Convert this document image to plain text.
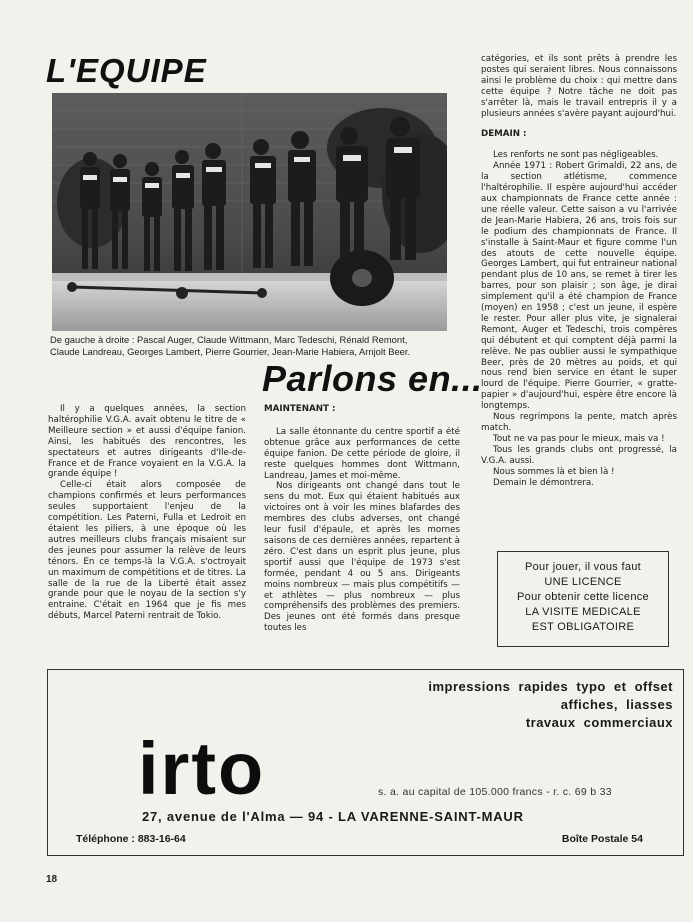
L'EQUIPE

De gauche à droite : Pascal Auger, Claude Wittmann, Marc Tedeschi, Rénald Remont,

Claude Landreau, Georges Lambert, Pierre Gourrier, Jean-Marie Habiera, Arnjolt Beer.

Parlons en...

Il y a quelques années, la section haltérophilie V.G.A. avait obtenu le titre de « Meilleure section » et aussi d'équipe fanion. Ainsi, les habitués des rencontres, les spectateurs et autres dirigeants d'Ile-de-France et de France voyaient en la V.G.A. la grande équipe !

Celle-ci était alors composée de champions confirmés et leurs performances seules supportaient l'enjeu de la compétition. Les Paterni, Fulla et Ledroit en étaient les piliers, à une époque où les autres meilleurs clubs français misaient sur des jeunes pour assumer la relève de leurs ténors. En ce temps-là la V.G.A. s'octroyait un maximum de compétitions et de titres. La salle de la rue de la Liberté était assez grande pour que le noyau de la section s'y entraine. C'était en 1964 que je fis mes débuts, Marcel Paterni rentrait de Tokio.

MAINTENANT :

La salle étonnante du centre sportif a été obtenue grâce aux performances de cette équipe fanion. De cette période de gloire, il reste quelques hommes dont Wittmann, Landreau, James et moi-même.

Nos dirigeants ont changé dans tout le sens du mot. Eux qui étaient habitués aux victoires ont à voir les mines blafardes des membres des clubs adverses, ont changé leur fusil d'épaule, et après les mornes saisons de ces dernières années, repartent à zéro. C'est dans un esprit plus jeune, plus sportif aussi que l'équipe de 1973 s'est formée, pendant 4 ou 5 ans. Dirigeants moins nombreux — mais plus compétitifs — et athlètes — plus nombreux — plus compréhensifs des problèmes des premiers. Des jeunes ont été formés dans presque toutes les

catégories, et ils sont prêts à prendre les postes qui seraient libres. Nous connaissons ainsi le problème du choix : qui mettre dans cette équipe ? Notre tâche ne doit pas s'arrêter là, mais le travail entrepris il y a plusieurs années s'avère payant aujourd'hui.

DEMAIN :

Les renforts ne sont pas négligeables.

Année 1971 : Robert Grimaldi, 22 ans, de la section atlétisme, commence l'haltérophilie. Il espère aujourd'hui accéder aux championnats de France cette année : une réelle valeur. Cette saison a vu l'arrivée de Jean-Marie Habiera, 26 ans, trois fois sur le podium des championnats de France. Il s'installe à Saint-Maur et figure comme l'un des atouts de cette nouvelle équipe. Georges Lambert, qui fut entraineur national pendant plus de 10 ans, se remet à tirer les barres, pour son plaisir ; son âge, je dirai simplement qu'il a été champion de France (moyen) en 1958 ; c'est un jeune, il espère le rester. Pour aller plus vite, je signalerai Remont, Auger et Tedeschi, trois compères qui débutent et qui comptent déjà parmi la relève. Ne pas oublier aussi le sympathique Beer, près de 20 mètres au poids, et qui nous rend bien service en étant le super lourd de l'équipe. Pierre Gourrier, « gratte-papier » d'aujourd'hui, espère être encore là longtemps.

Nous regrimpons la pente, match après match.

Tout ne va pas pour le mieux, mais va !

Tous les grands clubs ont progressé, la V.G.A. aussi.

Nous sommes là et bien là !

Demain le démontrera.

Pour jouer, il vous faut

UNE LICENCE

Pour obtenir cette licence

LA VISITE MEDICALE

EST OBLIGATOIRE

impressions rapides typo et offset

affiches, liasses

travaux commerciaux

irto	s. a. au capital de 105.000 francs - r. c. 69 b 33
27, avenue de l'Alma — 94 - LA VARENNE-SAINT-MAUR
Téléphone : 883-16-64	Boîte Postale 54
18
